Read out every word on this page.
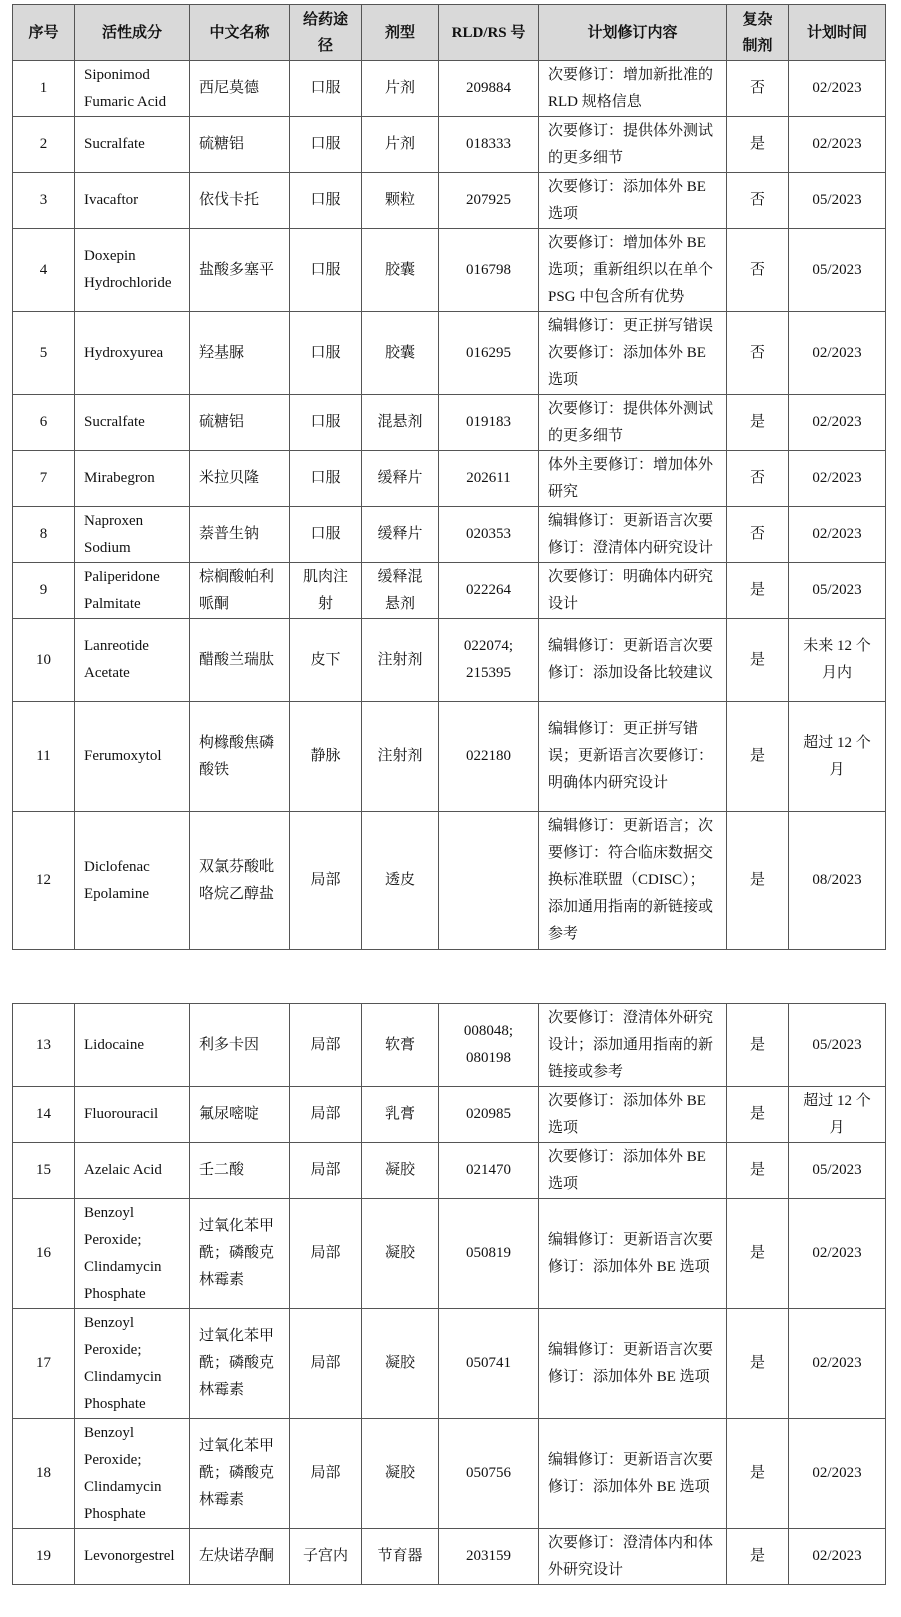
序号	活性成分	中文名称	给药途径	剂型	RLD/RS 号	计划修订内容	复杂制剂	计划时间
1	Siponimod Fumaric Acid	西尼莫德	口服	片剂	209884	次要修订：增加新批准的RLD 规格信息	否	02/2023
2	Sucralfate	硫糖铝	口服	片剂	018333	次要修订：提供体外测试的更多细节	是	02/2023
3	Ivacaftor	依伐卡托	口服	颗粒	207925	次要修订：添加体外 BE 选项	否	05/2023
4	Doxepin Hydrochloride	盐酸多塞平	口服	胶囊	016798	次要修订：增加体外 BE 选项；重新组织以在单个 PSG 中包含所有优势	否	05/2023
5	Hydroxyurea	羟基脲	口服	胶囊	016295	编辑修订：更正拼写错误次要修订：添加体外 BE 选项	否	02/2023
6	Sucralfate	硫糖铝	口服	混悬剂	019183	次要修订：提供体外测试的更多细节	是	02/2023
7	Mirabegron	米拉贝隆	口服	缓释片	202611	体外主要修订：增加体外研究	否	02/2023
8	Naproxen Sodium	萘普生钠	口服	缓释片	020353	编辑修订：更新语言次要修订：澄清体内研究设计	否	02/2023
9	Paliperidone Palmitate	棕榈酸帕利哌酮	肌肉注射	缓释混悬剂	022264	次要修订：明确体内研究设计	是	05/2023
10	Lanreotide Acetate	醋酸兰瑞肽	皮下	注射剂	022074; 215395	编辑修订：更新语言次要修订：添加设备比较建议	是	未来 12 个月内
11	Ferumoxytol	枸橼酸焦磷酸铁	静脉	注射剂	022180	编辑修订：更正拼写错误；更新语言次要修订：明确体内研究设计	是	超过 12 个月
12	Diclofenac Epolamine	双氯芬酸吡咯烷乙醇盐	局部	透皮		编辑修订：更新语言；次要修订：符合临床数据交换标准联盟（CDISC）；添加通用指南的新链接或参考	是	08/2023
13	Lidocaine	利多卡因	局部	软膏	008048; 080198	次要修订：澄清体外研究设计；添加通用指南的新链接或参考	是	05/2023
14	Fluorouracil	氟尿嘧啶	局部	乳膏	020985	次要修订：添加体外 BE 选项	是	超过 12 个月
15	Azelaic Acid	壬二酸	局部	凝胶	021470	次要修订：添加体外 BE 选项	是	05/2023
16	Benzoyl Peroxide; Clindamycin Phosphate	过氧化苯甲酰；磷酸克林霉素	局部	凝胶	050819	编辑修订：更新语言次要修订：添加体外 BE 选项	是	02/2023
17	Benzoyl Peroxide; Clindamycin Phosphate	过氧化苯甲酰；磷酸克林霉素	局部	凝胶	050741	编辑修订：更新语言次要修订：添加体外 BE 选项	是	02/2023
18	Benzoyl Peroxide; Clindamycin Phosphate	过氧化苯甲酰；磷酸克林霉素	局部	凝胶	050756	编辑修订：更新语言次要修订：添加体外 BE 选项	是	02/2023
19	Levonorgestrel	左炔诺孕酮	子宫内	节育器	203159	次要修订：澄清体内和体外研究设计	是	02/2023
